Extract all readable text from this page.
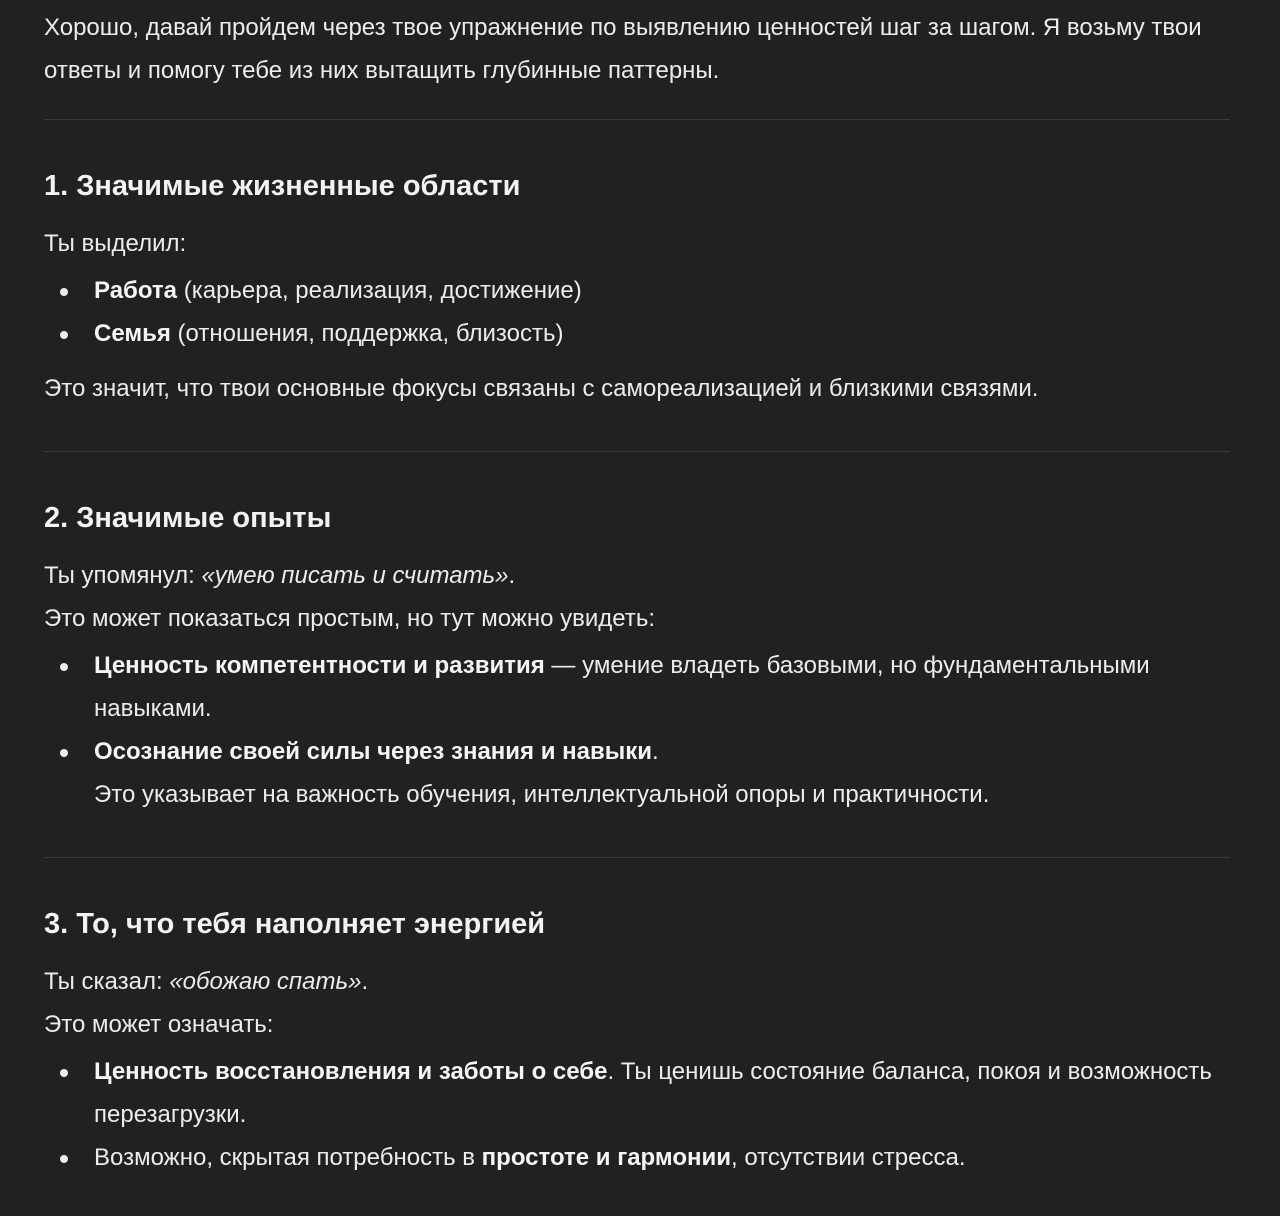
Хорошо, давай пройдем через твое упражнение по выявлению ценностей шаг за шагом. Я возьму твои ответы и помогу тебе из них вытащить глубинные паттерны.

1. Значимые жизненные области

Ты выделил:

Работа (карьера, реализация, достижение)
Семья (отношения, поддержка, близость)

Это значит, что твои основные фокусы связаны с самореализацией и близкими связями.

2. Значимые опыты

Ты упомянул: «умею писать и считать».

Это может показаться простым, но тут можно увидеть:

Ценность компетентности и развития — умение владеть базовыми, но фундаментальными навыками.
Осознание своей силы через знания и навыки.
Это указывает на важность обучения, интеллектуальной опоры и практичности.
3. То, что тебя наполняет энергией

Ты сказал: «обожаю спать».

Это может означать:

Ценность восстановления и заботы о себе. Ты ценишь состояние баланса, покоя и возможность перезагрузки.
Возможно, скрытая потребность в простоте и гармонии, отсутствии стресса.
